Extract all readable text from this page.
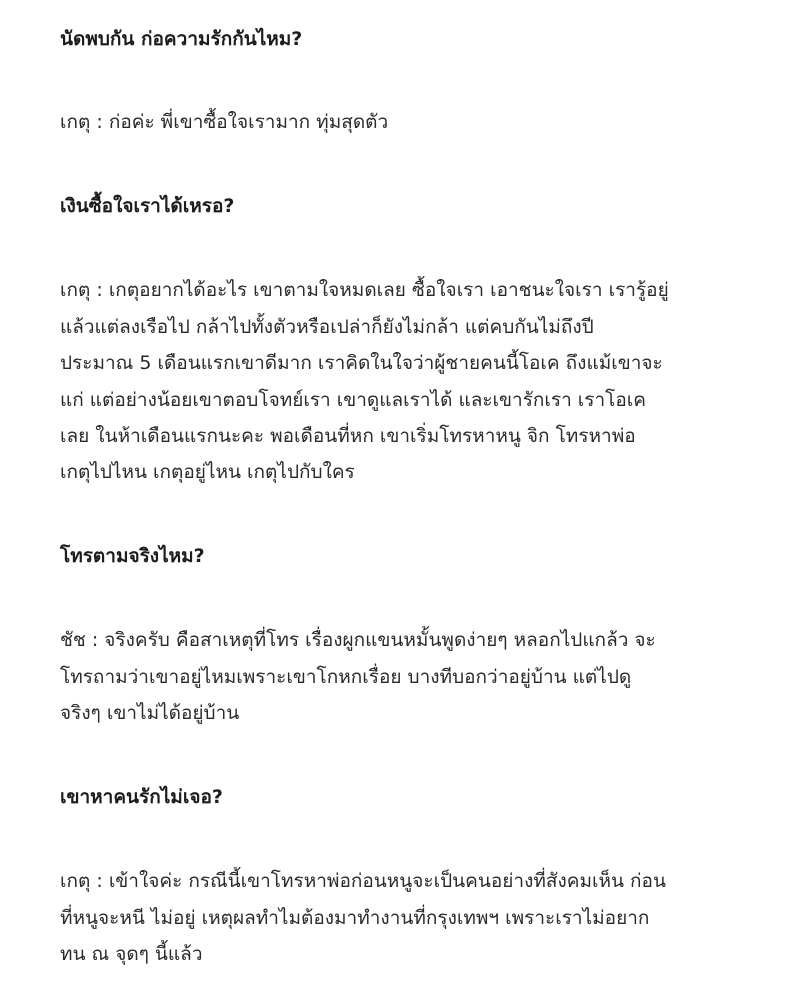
นัดพบกัน ก่อความรักกันไหม?

เกตุ : ก่อค่ะ พี่เขาซื้อใจเรามาก ทุ่มสุดตัว

เงินซื้อใจเราได้เหรอ?

เกตุ : เกตุอยากได้อะไร เขาตามใจหมดเลย ซื้อใจเรา เอาชนะใจเรา เรารู้อยู่

แล้วแต่ลงเรือไป กล้าไปทั้งตัวหรือเปล่าก็ยังไม่กล้า แต่คบกันไม่ถึงปี

ประมาณ 5 เดือนแรกเขาดีมาก เราคิดในใจว่าผู้ชายคนนี้โอเค ถึงแม้เขาจะ

แก่ แต่อย่างน้อยเขาตอบโจทย์เรา เขาดูแลเราได้ และเขารักเรา เราโอเค

เลย ในห้าเดือนแรกนะคะ พอเดือนที่หก เขาเริ่มโทรหาหนู จิก โทรหาพ่อ

เกตุไปไหน เกตุอยู่ไหน เกตุไปกับใคร

โทรตามจริงไหม?

ชัช : จริงครับ คือสาเหตุที่โทร เรื่องผูกแขนหมั้นพูดง่ายๆ หลอกไปแกล้ว จะ

โทรถามว่าเขาอยู่ไหมเพราะเขาโกหกเรื่อย บางทีบอกว่าอยู่บ้าน แต่ไปดู

จริงๆ เขาไม่ได้อยู่บ้าน

เขาหาคนรักไม่เจอ?

เกตุ : เข้าใจค่ะ กรณีนี้เขาโทรหาพ่อก่อนหนูจะเป็นคนอย่างที่สังคมเห็น ก่อน

ที่หนูจะหนี ไม่อยู่ เหตุผลทำไมต้องมาทำงานที่กรุงเทพฯ เพราะเราไม่อยาก

ทน ณ จุดๆ นี้แล้ว
